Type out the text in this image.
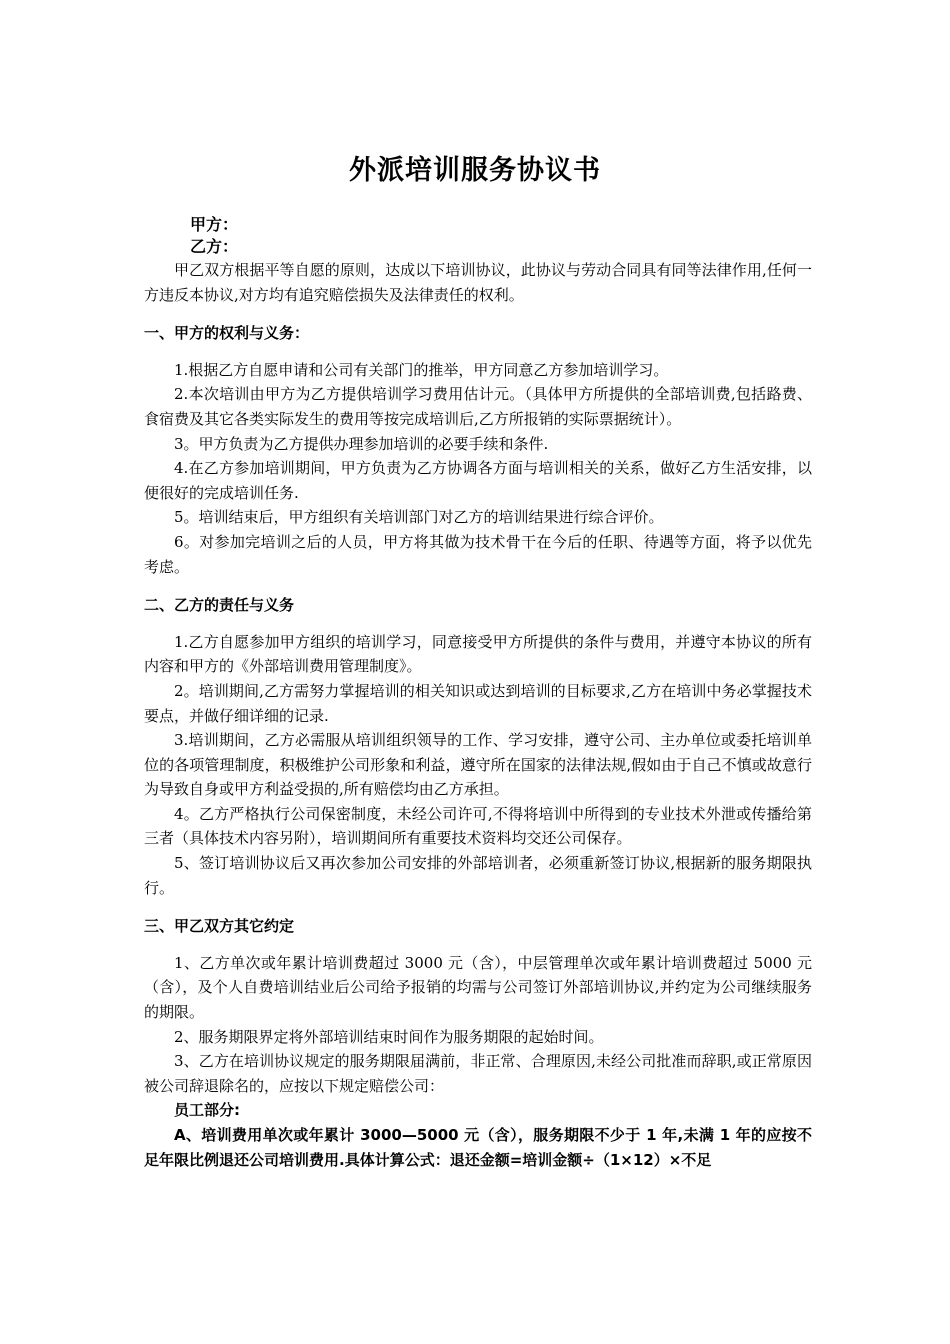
外派培训服务协议书
甲方：
乙方：

甲乙双方根据平等自愿的原则，达成以下培训协议，此协议与劳动合同具有同等法律作用,任何一方违反本协议,对方均有追究赔偿损失及法律责任的权利。

一、甲方的权利与义务：

1.根据乙方自愿申请和公司有关部门的推举，甲方同意乙方参加培训学习。

2.本次培训由甲方为乙方提供培训学习费用估计元。（具体甲方所提供的全部培训费,包括路费、食宿费及其它各类实际发生的费用等按完成培训后,乙方所报销的实际票据统计）。

3。甲方负责为乙方提供办理参加培训的必要手续和条件.

4.在乙方参加培训期间，甲方负责为乙方协调各方面与培训相关的关系，做好乙方生活安排，以便很好的完成培训任务.

5。培训结束后，甲方组织有关培训部门对乙方的培训结果进行综合评价。

6。对参加完培训之后的人员，甲方将其做为技术骨干在今后的任职、待遇等方面，将予以优先考虑。

二、乙方的责任与义务

1.乙方自愿参加甲方组织的培训学习，同意接受甲方所提供的条件与费用，并遵守本协议的所有内容和甲方的《外部培训费用管理制度》。

2。培训期间,乙方需努力掌握培训的相关知识或达到培训的目标要求,乙方在培训中务必掌握技术要点，并做仔细详细的记录.

3.培训期间，乙方必需服从培训组织领导的工作、学习安排，遵守公司、主办单位或委托培训单位的各项管理制度，积极维护公司形象和利益，遵守所在国家的法律法规,假如由于自己不慎或故意行为导致自身或甲方利益受损的,所有赔偿均由乙方承担。

4。乙方严格执行公司保密制度，未经公司许可,不得将培训中所得到的专业技术外泄或传播给第三者（具体技术内容另附），培训期间所有重要技术资料均交还公司保存。

5、签订培训协议后又再次参加公司安排的外部培训者，必须重新签订协议,根据新的服务期限执行。

三、甲乙双方其它约定

1、乙方单次或年累计培训费超过 3000 元（含），中层管理单次或年累计培训费超过 5000 元（含），及个人自费培训结业后公司给予报销的均需与公司签订外部培训协议,并约定为公司继续服务的期限。

2、服务期限界定将外部培训结束时间作为服务期限的起始时间。

3、乙方在培训协议规定的服务期限届满前，非正常、合理原因,未经公司批准而辞职,或正常原因被公司辞退除名的，应按以下规定赔偿公司：

员工部分:

A、培训费用单次或年累计 3000—5000 元（含），服务期限不少于 1 年,未满 1 年的应按不足年限比例退还公司培训费用.具体计算公式：退还金额=培训金额÷（1×12）×不足
